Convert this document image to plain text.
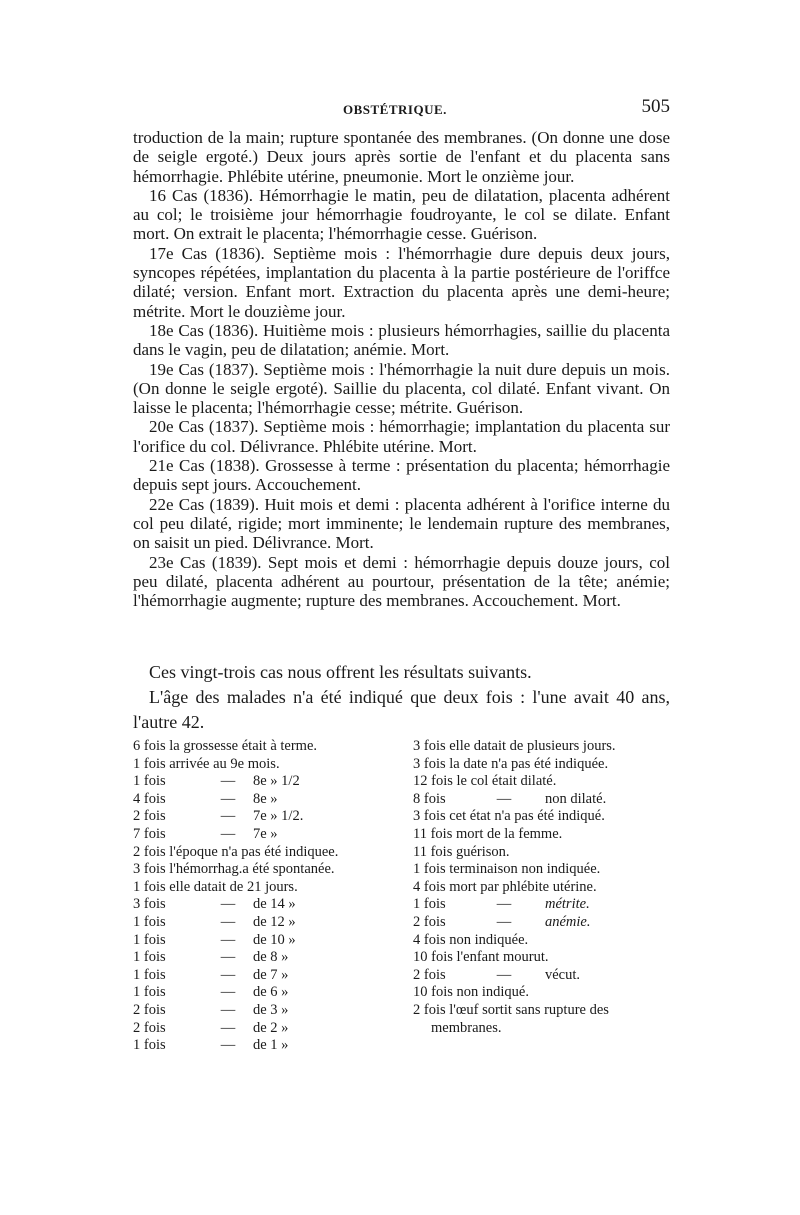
OBSTÉTRIQUE.	505

troduction de la main; rupture spontanée des membranes. (On donne une dose de seigle ergoté.) Deux jours après sortie de l'enfant et du placenta sans hémorrhagie. Phlébite utérine, pneumonie. Mort le onzième jour.

16 Cas (1836). Hémorrhagie le matin, peu de dilatation, placenta adhérent au col; le troisième jour hémorrhagie foudroyante, le col se dilate. Enfant mort. On extrait le placenta; l'hémorrhagie cesse. Guérison.

17e Cas (1836). Septième mois : l'hémorrhagie dure depuis deux jours, syncopes répétées, implantation du placenta à la partie postérieure de l'oriffce dilaté; version. Enfant mort. Extraction du placenta après une demi-heure; métrite. Mort le douzième jour.

18e Cas (1836). Huitième mois : plusieurs hémorrhagies, saillie du placenta dans le vagin, peu de dilatation; anémie. Mort.

19e Cas (1837). Septième mois : l'hémorrhagie la nuit dure depuis un mois. (On donne le seigle ergoté). Saillie du placenta, col dilaté. Enfant vivant. On laisse le placenta; l'hémorrhagie cesse; métrite. Guérison.

20e Cas (1837). Septième mois : hémorrhagie; implantation du placenta sur l'orifice du col. Délivrance. Phlébite utérine. Mort.

21e Cas (1838). Grossesse à terme : présentation du placenta; hémorrhagie depuis sept jours. Accouchement.

22e Cas (1839). Huit mois et demi : placenta adhérent à l'orifice interne du col peu dilaté, rigide; mort imminente; le lendemain rupture des membranes, on saisit un pied. Délivrance. Mort.

23e Cas (1839). Sept mois et demi : hémorrhagie depuis douze jours, col peu dilaté, placenta adhérent au pourtour, présentation de la tête; anémie; l'hémorrhagie augmente; rupture des membranes. Accouchement. Mort.

Ces vingt-trois cas nous offrent les résultats suivants.

L'âge des malades n'a été indiqué que deux fois : l'une avait 40 ans, l'autre 42.

6 fois la grossesse était à terme.
1 fois arrivée au 9e mois.
1 fois	— 8e » 1/2
4 fois	— 8e »
2 fois	— 7e » 1/2.
7 fois	— 7e »
2 fois l'époque n'a pas été indiquee.
3 fois l'hémorrhag.a été spontanée.
1 fois elle datait de 21 jours.
3 fois	— de 14 »
1 fois	— de 12 »
1 fois	— de 10 »
1 fois	— de 8 »
1 fois	— de 7 »
1 fois	— de 6 »
2 fois	— de 3 »
2 fois	— de 2 »
1 fois	— de 1 »
3 fois elle datait de plusieurs jours.
3 fois la date n'a pas été indiquée.
12 fois le col était dilaté.
8 fois	— non dilaté.
3 fois cet état n'a pas été indiqué.
11 fois mort de la femme.
11 fois guérison.
1 fois terminaison non indiquée.
4 fois mort par phlébite utérine.
1 fois	— métrite.
2 fois	— anémie.
4 fois non indiquée.
10 fois l'enfant mourut.
2 fois	— vécut.
10 fois non indiqué.
2 fois l'œuf sortit sans rupture des
membranes.
